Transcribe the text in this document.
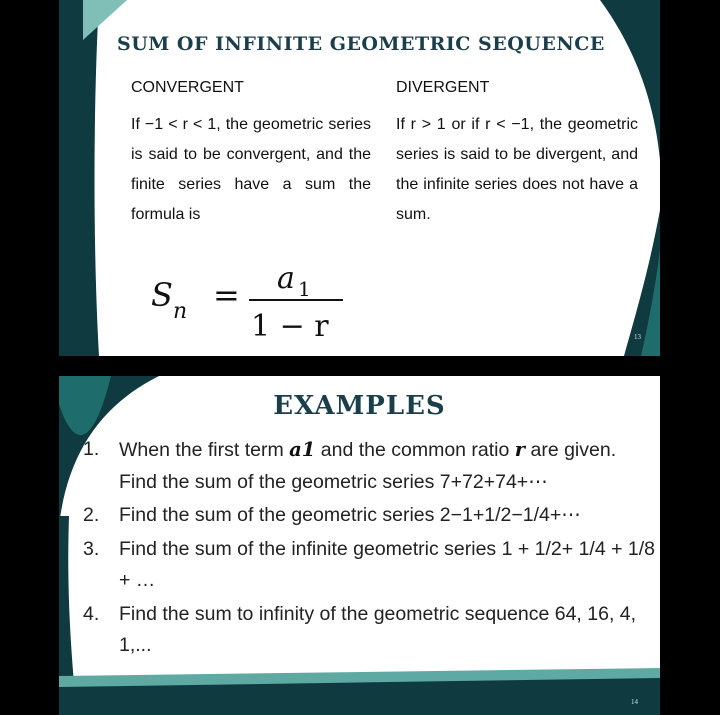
SUM OF INFINITE GEOMETRIC SEQUENCE
CONVERGENT	DIVERGENT
If −1 < r < 1, the geometric series is said to be convergent, and the finite series have a sum the formula is
If r > 1 or if r < −1, the geometric series is said to be divergent, and the infinite series does not have a sum.
S n = a 1
1 − r	13
EXAMPLES
1. When the first term a1 and the common ratio r are given. Find the sum of the geometric series 7+72+74+⋯
2. Find the sum of the geometric series 2−1+1/2−1/4+⋯
3. Find the sum of the infinite geometric series 1 + 1/2+ 1/4 + 1/8 + …
4. Find the sum to infinity of the geometric sequence 64, 16, 4, 1,...
14
